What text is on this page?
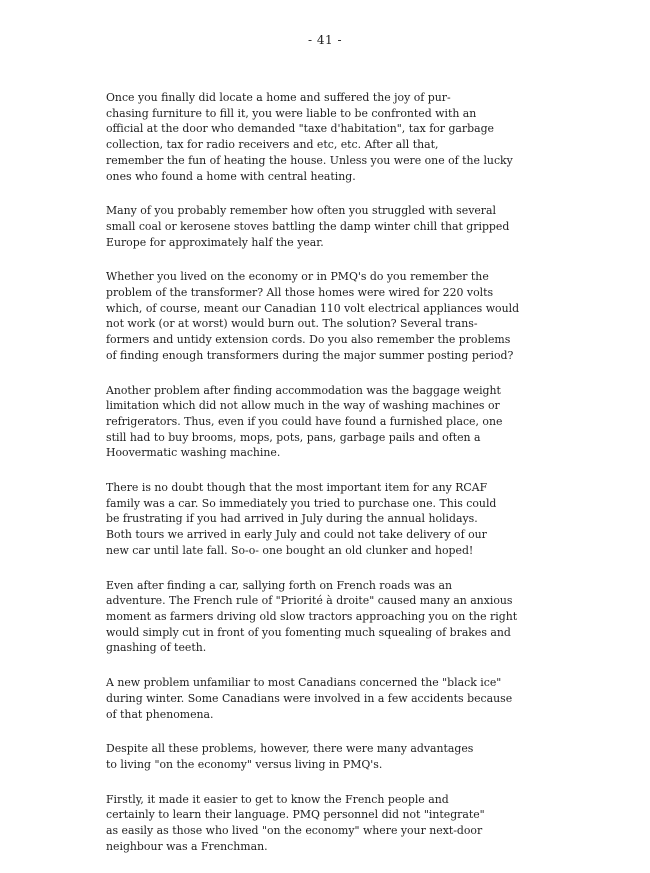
- 41 -

Once you finally did locate a home and suffered the joy of pur-
chasing furniture to fill it, you were liable to be confronted with an
official at the door who demanded "taxe d'habitation", tax for garbage
collection, tax for radio receivers and etc, etc. After all that,
remember the fun of heating the house. Unless you were one of the lucky
ones who found a home with central heating.

Many of you probably remember how often you struggled with several
small coal or kerosene stoves battling the damp winter chill that gripped
Europe for approximately half the year.

Whether you lived on the economy or in PMQ's do you remember the
problem of the transformer? All those homes were wired for 220 volts
which, of course, meant our Canadian 110 volt electrical appliances would
not work (or at worst) would burn out. The solution? Several trans-
formers and untidy extension cords. Do you also remember the problems
of finding enough transformers during the major summer posting period?

Another problem after finding accommodation was the baggage weight
limitation which did not allow much in the way of washing machines or
refrigerators. Thus, even if you could have found a furnished place, one
still had to buy brooms, mops, pots, pans, garbage pails and often a
Hoovermatic washing machine.

There is no doubt though that the most important item for any RCAF
family was a car. So immediately you tried to purchase one. This could
be frustrating if you had arrived in July during the annual holidays.
Both tours we arrived in early July and could not take delivery of our
new car until late fall. So-o- one bought an old clunker and hoped!

Even after finding a car, sallying forth on French roads was an
adventure. The French rule of "Priorité à droite" caused many an anxious
moment as farmers driving old slow tractors approaching you on the right
would simply cut in front of you fomenting much squealing of brakes and
gnashing of teeth.

A new problem unfamiliar to most Canadians concerned the "black ice"
during winter. Some Canadians were involved in a few accidents because
of that phenomena.

Despite all these problems, however, there were many advantages
to living "on the economy" versus living in PMQ's.

Firstly, it made it easier to get to know the French people and
certainly to learn their language. PMQ personnel did not "integrate"
as easily as those who lived "on the economy" where your next-door
neighbour was a Frenchman.
